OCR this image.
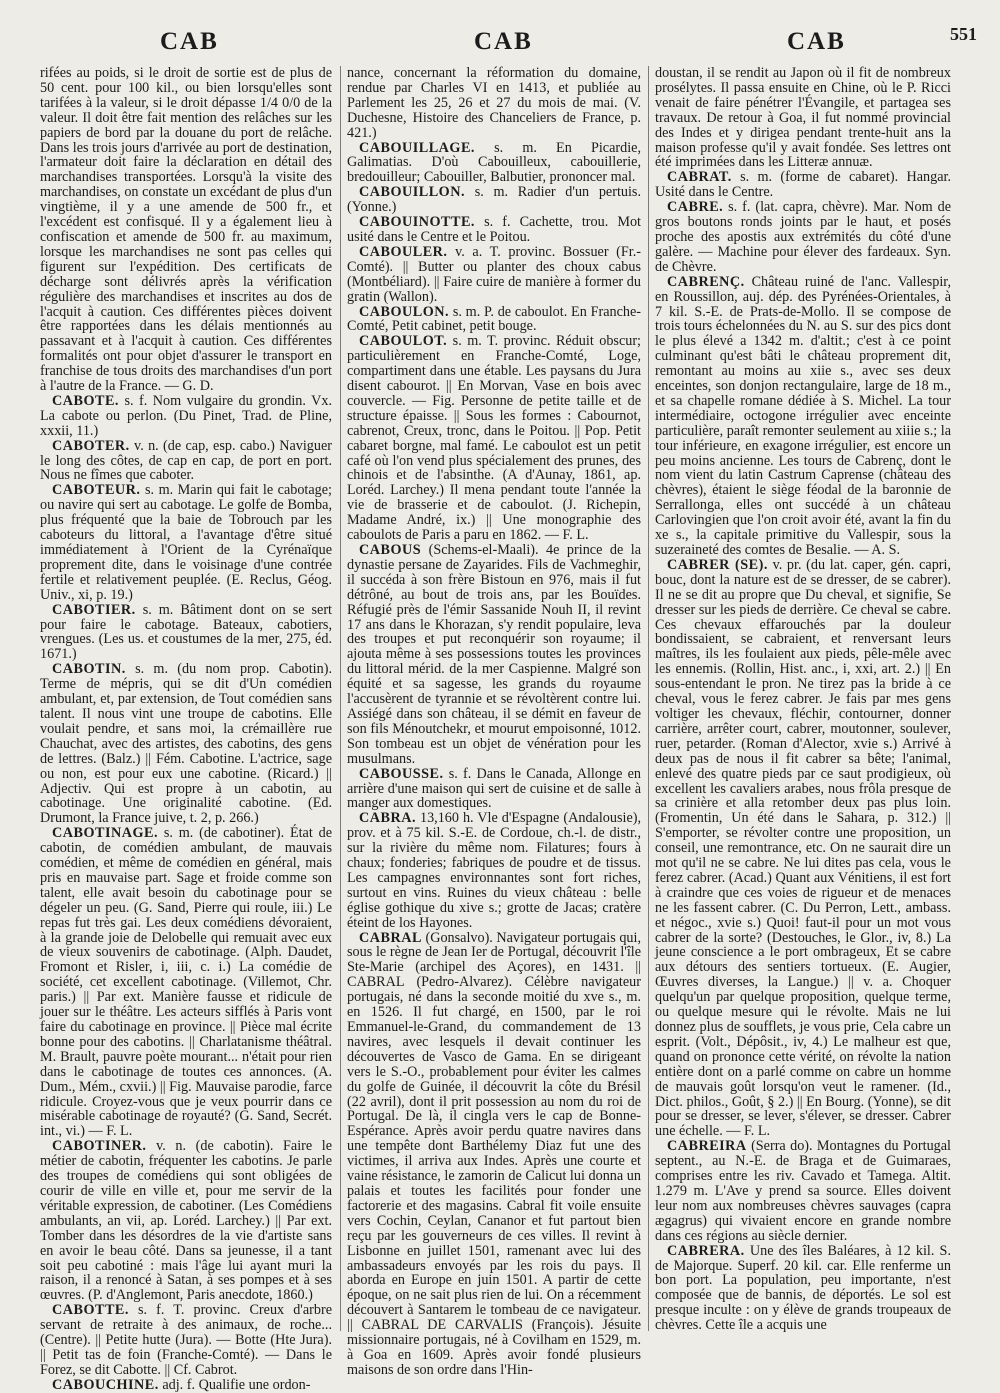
CAB	CAB	CAB	551

rifées au poids, si le droit de sortie est de plus de 50 cent. pour 100 kil., ou bien lorsqu'elles sont tarifées à la valeur, si le droit dépasse 1/4 0/0 de la valeur. Il doit être fait mention des relâches sur les papiers de bord par la douane du port de relâche. Dans les trois jours d'arrivée au port de destination, l'armateur doit faire la déclaration en détail des marchandises transportées. Lorsqu'à la visite des marchandises, on constate un excédant de plus d'un vingtième, il y a une amende de 500 fr., et l'excédent est confisqué. Il y a également lieu à confiscation et amende de 500 fr. au maximum, lorsque les marchandises ne sont pas celles qui figurent sur l'expédition. Des certificats de décharge sont délivrés après la vérification régulière des marchandises et inscrites au dos de l'acquit à caution. Ces différentes pièces doivent être rapportées dans les délais mentionnés au passavant et à l'acquit à caution. Ces différentes formalités ont pour objet d'assurer le transport en franchise de tous droits des marchandises d'un port à l'autre de la France. — G. D.

CABOTE. s. f. Nom vulgaire du grondin. Vx. La cabote ou perlon. (Du Pinet, Trad. de Pline, xxxii, 11.)

CABOTER. v. n. (de cap, esp. cabo.) Naviguer le long des côtes, de cap en cap, de port en port. Nous ne fîmes que caboter.

CABOTEUR. s. m. Marin qui fait le cabotage; ou navire qui sert au cabotage. Le golfe de Bomba, plus fréquenté que la baie de Tobrouch par les caboteurs du littoral, a l'avantage d'être situé immédiatement à l'Orient de la Cyrénaïque proprement dite, dans le voisinage d'une contrée fertile et relativement peuplée. (E. Reclus, Géog. Univ., xi, p. 19.)

CABOTIER. s. m. Bâtiment dont on se sert pour faire le cabotage. Bateaux, cabotiers, vrengues. (Les us. et coustumes de la mer, 275, éd. 1671.)

CABOTIN. s. m. (du nom prop. Cabotin). Terme de mépris, qui se dit d'Un comédien ambulant, et, par extension, de Tout comédien sans talent. Il nous vint une troupe de cabotins. Elle voulait pendre, et sans moi, la crémaillère rue Chauchat, avec des artistes, des cabotins, des gens de lettres. (Balz.) || Fém. Cabotine. L'actrice, sage ou non, est pour eux une cabotine. (Ricard.) || Adjectiv. Qui est propre à un cabotin, au cabotinage. Une originalité cabotine. (Ed. Drumont, la France juive, t. 2, p. 266.)

CABOTINAGE. s. m. (de cabotiner). État de cabotin, de comédien ambulant, de mauvais comédien, et même de comédien en général, mais pris en mauvaise part. Sage et froide comme son talent, elle avait besoin du cabotinage pour se dégeler un peu. (G. Sand, Pierre qui roule, iii.) Le repas fut très gai. Les deux comédiens dévoraient, à la grande joie de Delobelle qui remuait avec eux de vieux souvenirs de cabotinage. (Alph. Daudet, Fromont et Risler, i, iii, c. i.) La comédie de société, cet excellent cabotinage. (Villemot, Chr. paris.) || Par ext. Manière fausse et ridicule de jouer sur le théâtre. Les acteurs sifflés à Paris vont faire du cabotinage en province. || Pièce mal écrite bonne pour des cabotins. || Charlatanisme théâtral. M. Brault, pauvre poète mourant... n'était pour rien dans le cabotinage de toutes ces annonces. (A. Dum., Mém., cxvii.) || Fig. Mauvaise parodie, farce ridicule. Croyez-vous que je veux pourrir dans ce misérable cabotinage de royauté? (G. Sand, Secrét. int., vi.) — F. L.

CABOTINER. v. n. (de cabotin). Faire le métier de cabotin, fréquenter les cabotins. Je parle des troupes de comédiens qui sont obligées de courir de ville en ville et, pour me servir de la véritable expression, de cabotiner. (Les Comédiens ambulants, an vii, ap. Loréd. Larchey.) || Par ext. Tomber dans les désordres de la vie d'artiste sans en avoir le beau côté. Dans sa jeunesse, il a tant soit peu cabotiné : mais l'âge lui ayant muri la raison, il a renoncé à Satan, à ses pompes et à ses œuvres. (P. d'Anglemont, Paris anecdote, 1860.)

CABOTTE. s. f. T. provinc. Creux d'arbre servant de retraite à des animaux, de roche... (Centre). || Petite hutte (Jura). — Botte (Hte Jura). || Petit tas de foin (Franche-Comté). — Dans le Forez, se dit Cabotte. || Cf. Cabrot.

CABOUCHINE. adj. f. Qualifie une ordon-

nance, concernant la réformation du domaine, rendue par Charles VI en 1413, et publiée au Parlement les 25, 26 et 27 du mois de mai. (V. Duchesne, Histoire des Chanceliers de France, p. 421.)

CABOUILLAGE. s. m. En Picardie, Galimatias. D'où Cabouilleux, cabouillerie, bredouilleur; Cabouiller, Balbutier, prononcer mal.

CABOUILLON. s. m. Radier d'un pertuis. (Yonne.)

CABOUINOTTE. s. f. Cachette, trou. Mot usité dans le Centre et le Poitou.

CABOULER. v. a. T. provinc. Bossuer (Fr.-Comté). || Butter ou planter des choux cabus (Montbéliard). || Faire cuire de manière à former du gratin (Wallon).

CABOULON. s. m. P. de caboulot. En Franche-Comté, Petit cabinet, petit bouge.

CABOULOT. s. m. T. provinc. Réduit obscur; particulièrement en Franche-Comté, Loge, compartiment dans une étable. Les paysans du Jura disent cabourot. || En Morvan, Vase en bois avec couvercle. — Fig. Personne de petite taille et de structure épaisse. || Sous les formes : Cabournot, cabrenot, Creux, tronc, dans le Poitou. || Pop. Petit cabaret borgne, mal famé. Le caboulot est un petit café où l'on vend plus spécialement des prunes, des chinois et de l'absinthe. (A d'Aunay, 1861, ap. Loréd. Larchey.) Il mena pendant toute l'année la vie de brasserie et de caboulot. (J. Richepin, Madame André, ix.) || Une monographie des caboulots de Paris a paru en 1862. — F. L.

CABOUS (Schems-el-Maali). 4e prince de la dynastie persane de Zayarides. Fils de Vachmeghir, il succéda à son frère Bistoun en 976, mais il fut détrôné, au bout de trois ans, par les Bouïdes. Réfugié près de l'émir Sassanide Nouh II, il revint 17 ans dans le Khorazan, s'y rendit populaire, leva des troupes et put reconquérir son royaume; il ajouta même à ses possessions toutes les provinces du littoral mérid. de la mer Caspienne. Malgré son équité et sa sagesse, les grands du royaume l'accusèrent de tyrannie et se révoltèrent contre lui. Assiégé dans son château, il se démit en faveur de son fils Ménoutchekr, et mourut empoisonné, 1012. Son tombeau est un objet de vénération pour les musulmans.

CABOUSSE. s. f. Dans le Canada, Allonge en arrière d'une maison qui sert de cuisine et de salle à manger aux domestiques.

CABRA. 13,160 h. Vle d'Espagne (Andalousie), prov. et à 75 kil. S.-E. de Cordoue, ch.-l. de distr., sur la rivière du même nom. Filatures; fours à chaux; fonderies; fabriques de poudre et de tissus. Les campagnes environnantes sont fort riches, surtout en vins. Ruines du vieux château : belle église gothique du xive s.; grotte de Jacas; cratère éteint de los Hayones.

CABRAL (Gonsalvo). Navigateur portugais qui, sous le règne de Jean Ier de Portugal, découvrit l'île Ste-Marie (archipel des Açores), en 1431. || CABRAL (Pedro-Alvarez). Célèbre navigateur portugais, né dans la seconde moitié du xve s., m. en 1526. Il fut chargé, en 1500, par le roi Emmanuel-le-Grand, du commandement de 13 navires, avec lesquels il devait continuer les découvertes de Vasco de Gama. En se dirigeant vers le S.-O., probablement pour éviter les calmes du golfe de Guinée, il découvrit la côte du Brésil (22 avril), dont il prit possession au nom du roi de Portugal. De là, il cingla vers le cap de Bonne-Espérance. Après avoir perdu quatre navires dans une tempête dont Barthélemy Diaz fut une des victimes, il arriva aux Indes. Après une courte et vaine résistance, le zamorin de Calicut lui donna un palais et toutes les facilités pour fonder une factorerie et des magasins. Cabral fit voile ensuite vers Cochin, Ceylan, Cananor et fut partout bien reçu par les gouverneurs de ces villes. Il revint à Lisbonne en juillet 1501, ramenant avec lui des ambassadeurs envoyés par les rois du pays. Il aborda en Europe en juin 1501. A partir de cette époque, on ne sait plus rien de lui. On a récemment découvert à Santarem le tombeau de ce navigateur. || CABRAL DE CARVALIS (François). Jésuite missionnaire portugais, né à Covilham en 1529, m. à Goa en 1609. Après avoir fondé plusieurs maisons de son ordre dans l'Hin-

doustan, il se rendit au Japon où il fit de nombreux prosélytes. Il passa ensuite en Chine, où le P. Ricci venait de faire pénétrer l'Évangile, et partagea ses travaux. De retour à Goa, il fut nommé provincial des Indes et y dirigea pendant trente-huit ans la maison professe qu'il y avait fondée. Ses lettres ont été imprimées dans les Litteræ annuæ.

CABRAT. s. m. (forme de cabaret). Hangar. Usité dans le Centre.

CABRE. s. f. (lat. capra, chèvre). Mar. Nom de gros boutons ronds joints par le haut, et posés proche des apostis aux extrémités du côté d'une galère. — Machine pour élever des fardeaux. Syn. de Chèvre.

CABRENÇ. Château ruiné de l'anc. Vallespir, en Roussillon, auj. dép. des Pyrénées-Orientales, à 7 kil. S.-E. de Prats-de-Mollo. Il se compose de trois tours échelonnées du N. au S. sur des pics dont le plus élevé a 1342 m. d'altit.; c'est à ce point culminant qu'est bâti le château proprement dit, remontant au moins au xiie s., avec ses deux enceintes, son donjon rectangulaire, large de 18 m., et sa chapelle romane dédiée à S. Michel. La tour intermédiaire, octogone irrégulier avec enceinte particulière, paraît remonter seulement au xiiie s.; la tour inférieure, en exagone irrégulier, est encore un peu moins ancienne. Les tours de Cabrenç, dont le nom vient du latin Castrum Caprense (château des chèvres), étaient le siège féodal de la baronnie de Serrallonga, elles ont succédé à un château Carlovingien que l'on croit avoir été, avant la fin du xe s., la capitale primitive du Vallespir, sous la suzeraineté des comtes de Besalie. — A. S.

CABRER (SE). v. pr. (du lat. caper, gén. capri, bouc, dont la nature est de se dresser, de se cabrer). Il ne se dit au propre que Du cheval, et signifie, Se dresser sur les pieds de derrière. Ce cheval se cabre. Ces chevaux effarouchés par la douleur bondissaient, se cabraient, et renversant leurs maîtres, ils les foulaient aux pieds, pêle-mêle avec les ennemis. (Rollin, Hist. anc., i, xxi, art. 2.) || En sous-entendant le pron. Ne tirez pas la bride à ce cheval, vous le ferez cabrer. Je fais par mes gens voltiger les chevaux, fléchir, contourner, donner carrière, arrêter court, cabrer, moutonner, soulever, ruer, petarder. (Roman d'Alector, xvie s.) Arrivé à deux pas de nous il fit cabrer sa bête; l'animal, enlevé des quatre pieds par ce saut prodigieux, où excellent les cavaliers arabes, nous frôla presque de sa crinière et alla retomber deux pas plus loin. (Fromentin, Un été dans le Sahara, p. 312.) || S'emporter, se révolter contre une proposition, un conseil, une remontrance, etc. On ne saurait dire un mot qu'il ne se cabre. Ne lui dites pas cela, vous le ferez cabrer. (Acad.) Quant aux Vénitiens, il est fort à craindre que ces voies de rigueur et de menaces ne les fassent cabrer. (C. Du Perron, Lett., ambass. et négoc., xvie s.) Quoi! faut-il pour un mot vous cabrer de la sorte? (Destouches, le Glor., iv, 8.) La jeune conscience a le port ombrageux, Et se cabre aux détours des sentiers tortueux. (E. Augier, Œuvres diverses, la Langue.) || v. a. Choquer quelqu'un par quelque proposition, quelque terme, ou quelque mesure qui le révolte. Mais ne lui donnez plus de soufflets, je vous prie, Cela cabre un esprit. (Volt., Dépôsit., iv, 4.) Le malheur est que, quand on prononce cette vérité, on révolte la nation entière dont on a parlé comme on cabre un homme de mauvais goût lorsqu'on veut le ramener. (Id., Dict. philos., Goût, § 2.) || En Bourg. (Yonne), se dit pour se dresser, se lever, s'élever, se dresser. Cabrer une échelle. — F. L.

CABREIRA (Serra do). Montagnes du Portugal septent., au N.-E. de Braga et de Guimaraes, comprises entre les riv. Cavado et Tamega. Altit. 1.279 m. L'Ave y prend sa source. Elles doivent leur nom aux nombreuses chèvres sauvages (capra ægagrus) qui vivaient encore en grande nombre dans ces régions au siècle dernier.

CABRERA. Une des îles Baléares, à 12 kil. S. de Majorque. Superf. 20 kil. car. Elle renferme un bon port. La population, peu importante, n'est composée que de bannis, de déportés. Le sol est presque inculte : on y élève de grands troupeaux de chèvres. Cette île a acquis une
